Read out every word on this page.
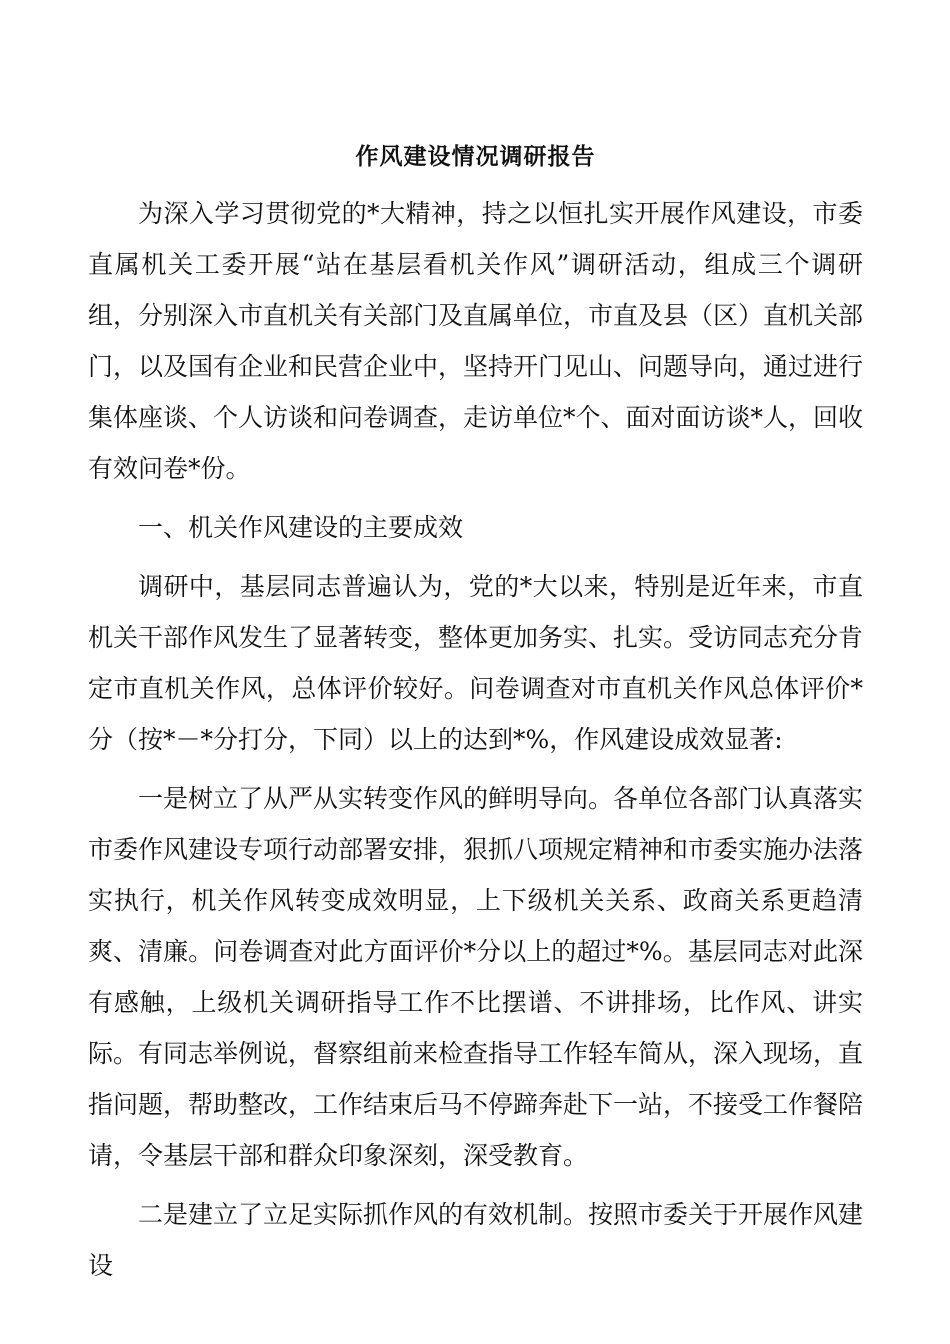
作风建设情况调研报告

为深入学习贯彻党的*大精神，持之以恒扎实开展作风建设，市委直属机关工委开展“站在基层看机关作风”调研活动，组成三个调研组，分别深入市直机关有关部门及直属单位，市直及县（区）直机关部门，以及国有企业和民营企业中，坚持开门见山、问题导向，通过进行集体座谈、个人访谈和问卷调查，走访单位*个、面对面访谈*人，回收有效问卷*份。

一、机关作风建设的主要成效

调研中，基层同志普遍认为，党的*大以来，特别是近年来，市直机关干部作风发生了显著转变，整体更加务实、扎实。受访同志充分肯定市直机关作风，总体评价较好。问卷调查对市直机关作风总体评价*分（按*－*分打分，下同）以上的达到*%，作风建设成效显著:

一是树立了从严从实转变作风的鲜明导向。各单位各部门认真落实市委作风建设专项行动部署安排，狠抓八项规定精神和市委实施办法落实执行，机关作风转变成效明显，上下级机关关系、政商关系更趋清爽、清廉。问卷调查对此方面评价*分以上的超过*%。基层同志对此深有感触，上级机关调研指导工作不比摆谱、不讲排场，比作风、讲实际。有同志举例说，督察组前来检查指导工作轻车简从，深入现场，直指问题，帮助整改，工作结束后马不停蹄奔赴下一站，不接受工作餐陪请，令基层干部和群众印象深刻，深受教育。

二是建立了立足实际抓作风的有效机制。按照市委关于开展作风建设
